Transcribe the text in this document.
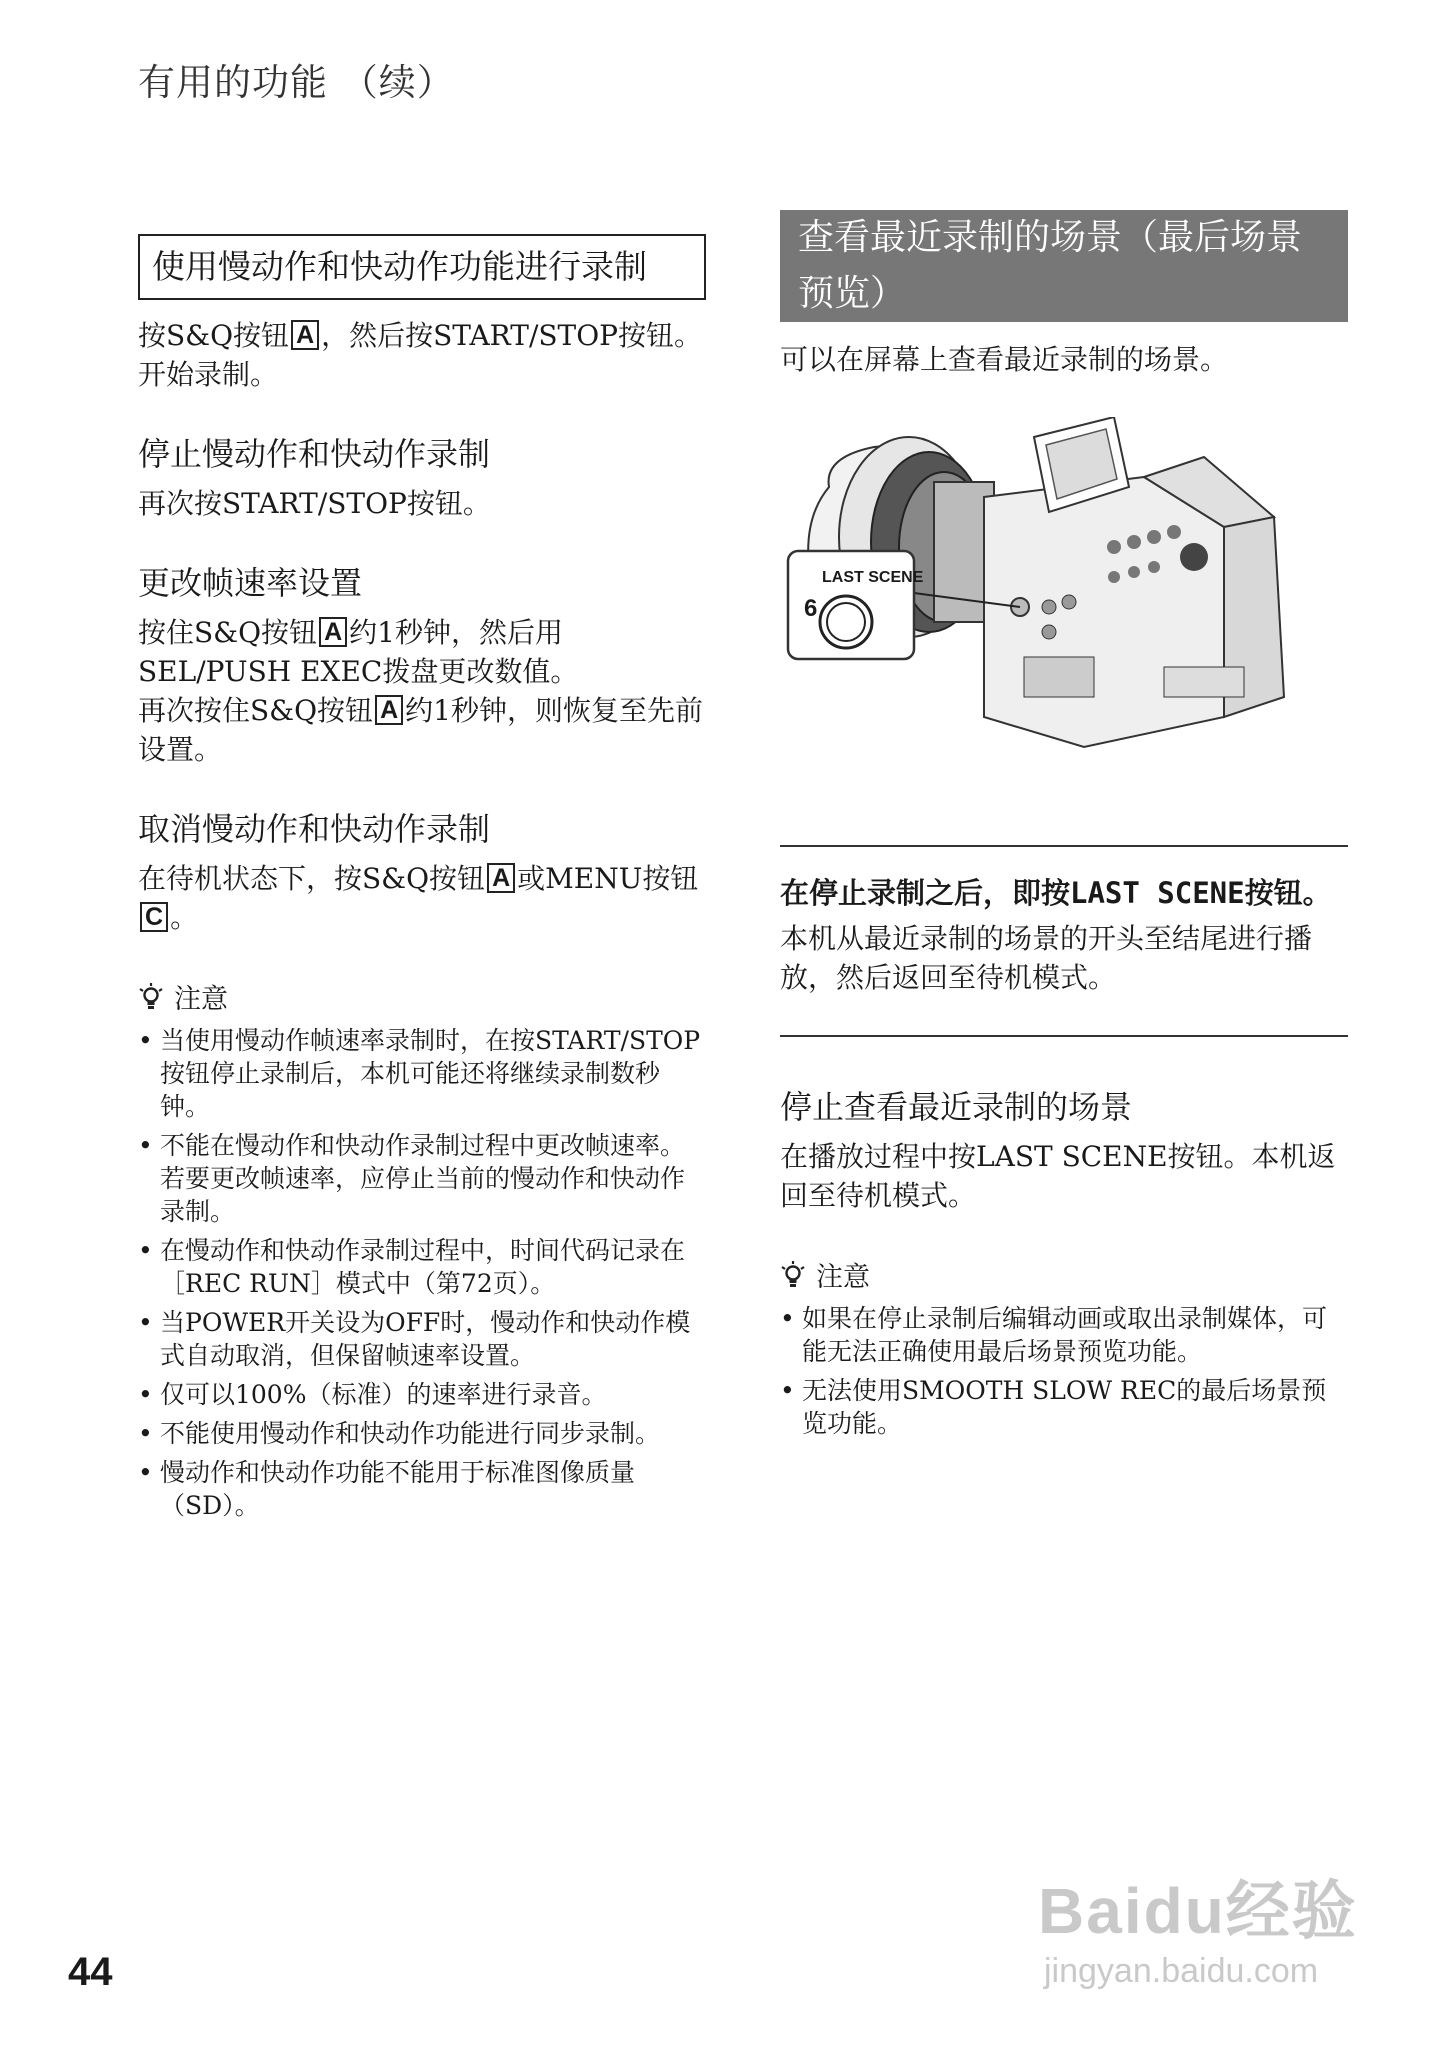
有用的功能 （续）
使用慢动作和快动作功能进行录制
按S&Q按钮 A ，然后按START/STOP按钮。开始录制。
停止慢动作和快动作录制
再次按START/STOP按钮。
更改帧速率设置
按住S&Q按钮 A 约1秒钟，然后用SEL/PUSH EXEC拨盘更改数值。
再次按住S&Q按钮 A 约1秒钟，则恢复至先前设置。
取消慢动作和快动作录制
在待机状态下，按S&Q按钮 A 或MENU按钮C 。
注意
• 当使用慢动作帧速率录制时，在按START/STOP按钮停止录制后，本机可能还将继续录制数秒钟。
• 不能在慢动作和快动作录制过程中更改帧速率。若要更改帧速率，应停止当前的慢动作和快动作录制。
• 在慢动作和快动作录制过程中，时间代码记录在［REC RUN］模式中（第72页）。
• 当POWER开关设为OFF时，慢动作和快动作模式自动取消，但保留帧速率设置。
• 仅可以100%（标准）的速率进行录音。
• 不能使用慢动作和快动作功能进行同步录制。
• 慢动作和快动作功能不能用于标准图像质量（SD）。
查看最近录制的场景（最后场景预览）
可以在屏幕上查看最近录制的场景。
LAST SCENE
6
在停止录制之后，即按LAST SCENE按钮。
本机从最近录制的场景的开头至结尾进行播放，然后返回至待机模式。
停止查看最近录制的场景
在播放过程中按LAST SCENE按钮。本机返回至待机模式。
注意
• 如果在停止录制后编辑动画或取出录制媒体，可能无法正确使用最后场景预览功能。
• 无法使用SMOOTH SLOW REC的最后场景预览功能。
Baidu经验
jingyan.baidu.com
44
